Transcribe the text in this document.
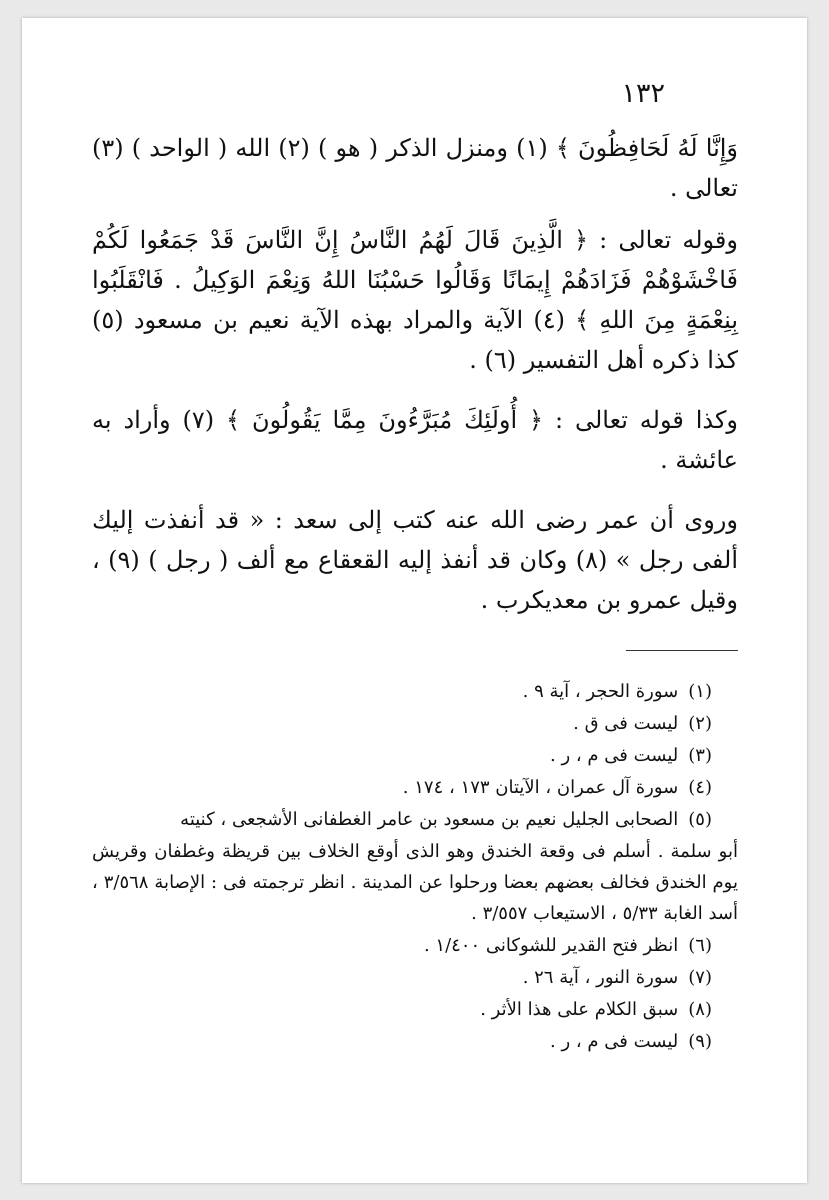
١٣٢

وَإِنَّا لَهُ لَحَافِظُونَ ﴾ (١) ومنزل الذكر ( هو ) (٢) الله ( الواحد ) (٣) تعالى .

وقوله تعالى : ﴿ الَّذِينَ قَالَ لَهُمُ النَّاسُ إِنَّ النَّاسَ قَدْ جَمَعُوا لَكُمْ فَاخْشَوْهُمْ فَزَادَهُمْ إِيمَانًا وَقَالُوا حَسْبُنَا اللهُ وَنِعْمَ الوَكِيلُ . فَانْقَلَبُوا بِنِعْمَةٍ مِنَ اللهِ ﴾ (٤) الآية والمراد بهذه الآية نعيم بن مسعود (٥) كذا ذكره أهل التفسير (٦) .

وكذا قوله تعالى : ﴿ أُولَئِكَ مُبَرَّءُونَ مِمَّا يَقُولُونَ ﴾ (٧) وأراد به عائشة .

وروى أن عمر رضى الله عنه كتب إلى سعد : « قد أنفذت إليك ألفى رجل » (٨) وكان قد أنفذ إليه القعقاع مع ألف ( رجل ) (٩) ، وقيل عمرو بن معديكرب .

(١)سورة الحجر ، آية ٩ .
(٢)ليست فى ق .
(٣)ليست فى م ، ر .
(٤)سورة آل عمران ، الآيتان ١٧٣ ، ١٧٤ .
(٥)الصحابى الجليل نعيم بن مسعود بن عامر الغطفانى الأشجعى ، كنيته
أبو سلمة . أسلم فى وقعة الخندق وهو الذى أوقع الخلاف بين قريظة وغطفان وقريش يوم الخندق فخالف بعضهم بعضا ورحلوا عن المدينة . انظر ترجمته فى : الإصابة ٣/٥٦٨ ، أسد الغابة ٥/٣٣ ، الاستيعاب ٣/٥٥٧ .
(٦)انظر فتح القدير للشوكانى ١/٤٠٠ .
(٧)سورة النور ، آية ٢٦ .
(٨)سبق الكلام على هذا الأثر .
(٩)ليست فى م ، ر .
